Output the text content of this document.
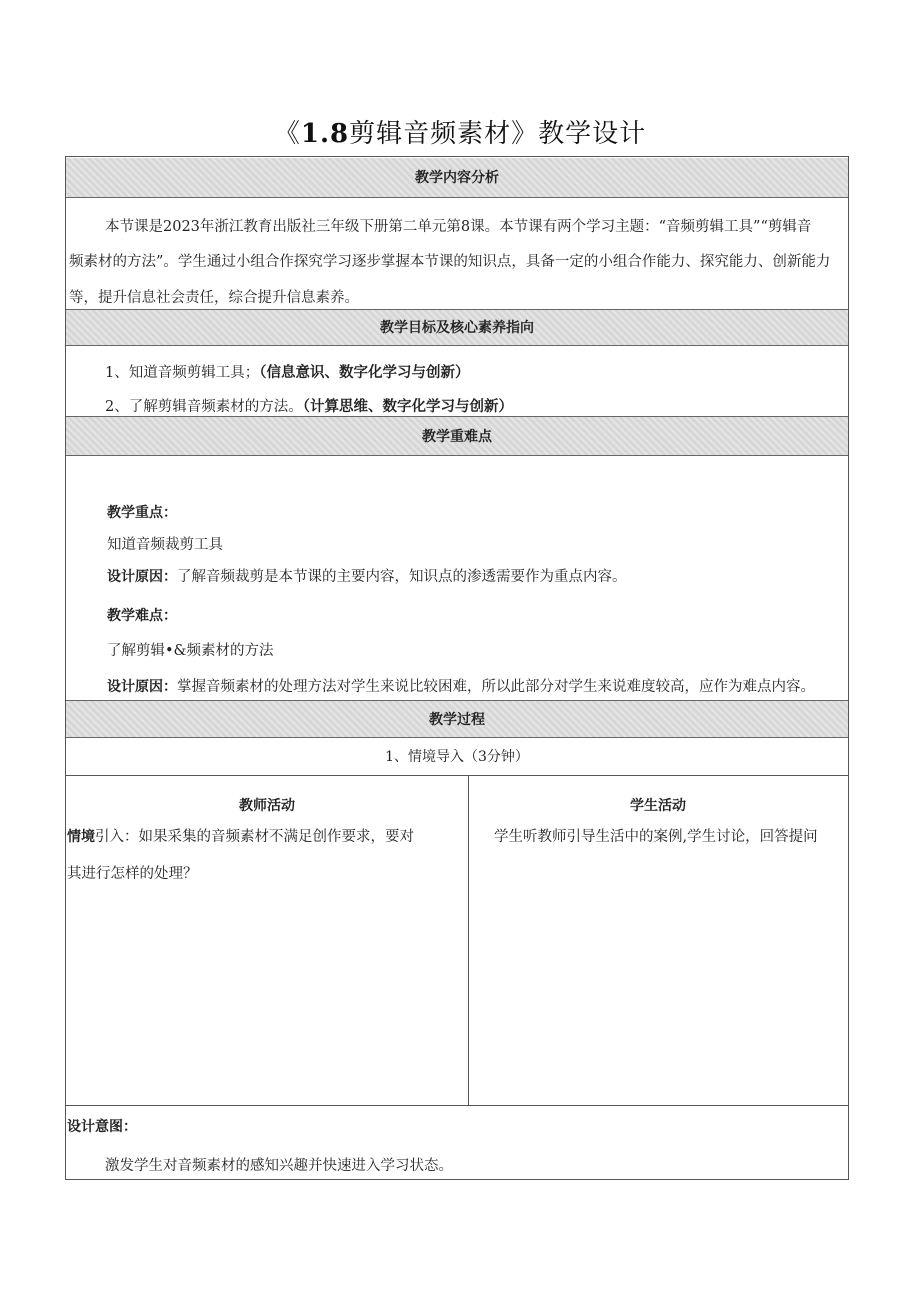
《1.8剪辑音频素材》教学设计
教学内容分析
本节课是2023年浙江教育出版社三年级下册第二单元第8课。本节课有两个学习主题：“音频剪辑工具”“剪辑音
频素材的方法”。学生通过小组合作探究学习逐步掌握本节课的知识点，具备一定的小组合作能力、探究能力、创新能力
等，提升信息社会责任，综合提升信息素养。
教学目标及核心素养指向
1、知道音频剪辑工具；（信息意识、数字化学习与创新）
2、了解剪辑音频素材的方法。（计算思维、数字化学习与创新）
教学重难点
教学重点：
知道音频裁剪工具
设计原因：了解音频裁剪是本节课的主要内容，知识点的渗透需要作为重点内容。
教学难点：
了解剪辑•&频素材的方法
设计原因：掌握音频素材的处理方法对学生来说比较困难，所以此部分对学生来说难度较高，应作为难点内容。
教学过程
1、情境导入（3分钟）
教师活动	学生活动
情境引入：如果采集的音频素材不满足创作要求，要对
其进行怎样的处理？
学生听教师引导生活中的案例,学生讨论，回答提问
设计意图：
激发学生对音频素材的感知兴趣并快速进入学习状态。
